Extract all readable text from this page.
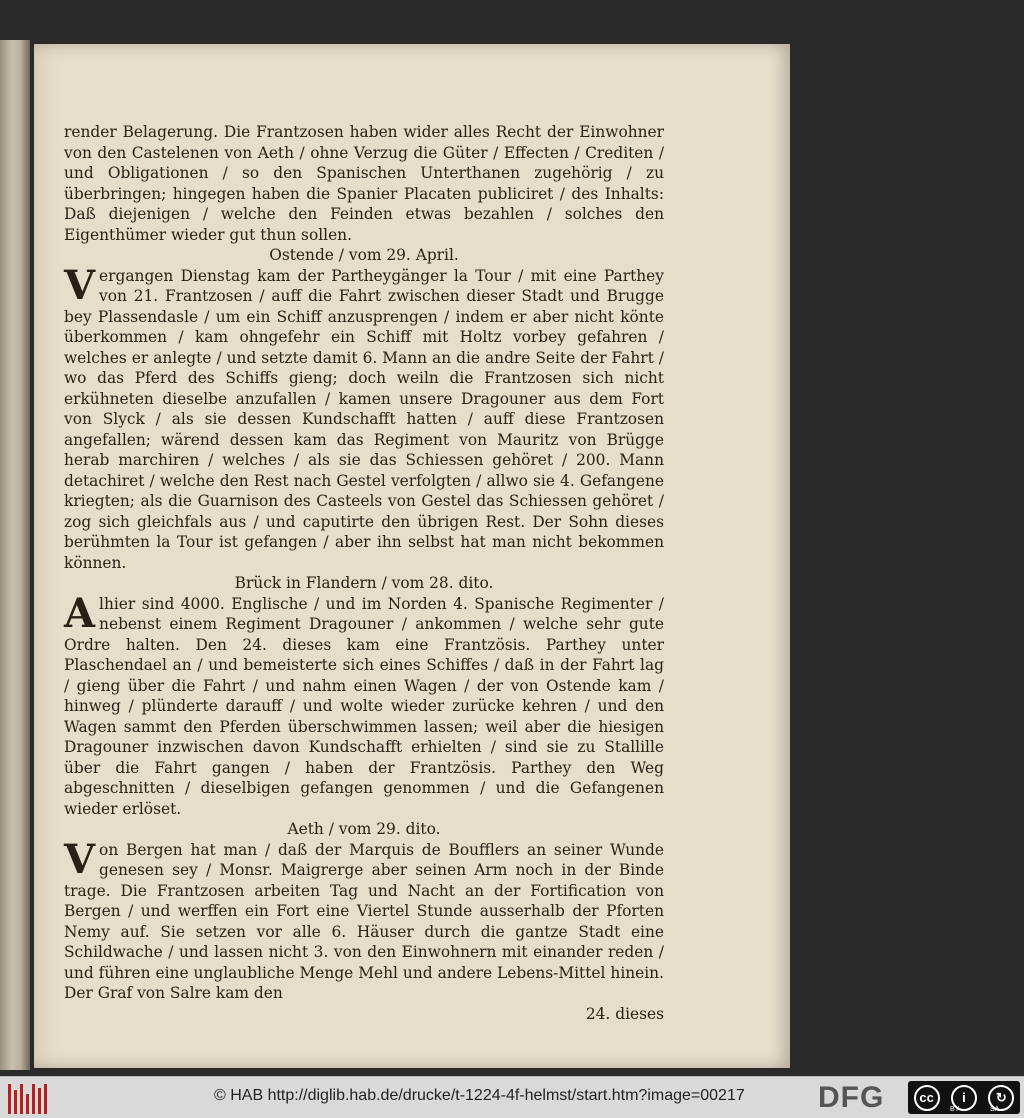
render Belagerung. Die Frantzosen haben wider alles Recht der Einwohner von den Castelenen von Aeth / ohne Verzug die Güter / Effecten / Crediten / und Obligationen / so den Spanischen Unterthanen zugehörig / zu überbringen; hingegen haben die Spanier Placaten publiciret / des Inhalts: Daß diejenigen / welche den Feinden etwas bezahlen / solches den Eigenthümer wieder gut thun sollen.

Ostende / vom 29. April.

Vergangen Dienstag kam der Partheygänger la Tour / mit eine Parthey von 21. Frantzosen / auff die Fahrt zwischen dieser Stadt und Brugge bey Plassendasle / um ein Schiff anzusprengen / indem er aber nicht könte überkommen / kam ohngefehr ein Schiff mit Holtz vorbey gefahren / welches er anlegte / und setzte damit 6. Mann an die andre Seite der Fahrt / wo das Pferd des Schiffs gieng; doch weiln die Frantzosen sich nicht erkühneten dieselbe anzufallen / kamen unsere Dragouner aus dem Fort von Slyck / als sie dessen Kundschafft hatten / auff diese Frantzosen angefallen; wärend dessen kam das Regiment von Mauritz von Brügge herab marchiren / welches / als sie das Schiessen gehöret / 200. Mann detachiret / welche den Rest nach Gestel verfolgten / allwo sie 4. Gefangene kriegten; als die Guarnison des Casteels von Gestel das Schiessen gehöret / zog sich gleichfals aus / und caputirte den übrigen Rest. Der Sohn dieses berühmten la Tour ist gefangen / aber ihn selbst hat man nicht bekommen können.

Brück in Flandern / vom 28. dito.

Alhier sind 4000. Englische / und im Norden 4. Spanische Regimenter / nebenst einem Regiment Dragouner / ankommen / welche sehr gute Ordre halten. Den 24. dieses kam eine Frantzösis. Parthey unter Plaschendael an / und bemeisterte sich eines Schiffes / daß in der Fahrt lag / gieng über die Fahrt / und nahm einen Wagen / der von Ostende kam / hinweg / plünderte darauff / und wolte wieder zurücke kehren / und den Wagen sammt den Pferden überschwimmen lassen; weil aber die hiesigen Dragouner inzwischen davon Kundschafft erhielten / sind sie zu Stallille über die Fahrt gangen / haben der Frantzösis. Parthey den Weg abgeschnitten / dieselbigen gefangen genommen / und die Gefangenen wieder erlöset.

Aeth / vom 29. dito.

Von Bergen hat man / daß der Marquis de Boufflers an seiner Wunde genesen sey / Monsr. Maigrerge aber seinen Arm noch in der Binde trage. Die Frantzosen arbeiten Tag und Nacht an der Fortification von Bergen / und werffen ein Fort eine Viertel Stunde ausserhalb der Pforten Nemy auf. Sie setzen vor alle 6. Häuser durch die gantze Stadt eine Schildwache / und lassen nicht 3. von den Einwohnern mit einander reden / und führen eine unglaubliche Menge Mehl und andere Lebens-Mittel hinein. Der Graf von Salre kam den

24. dieses

© HAB http://diglib.hab.de/drucke/t-1224-4f-helmst/start.htm?image=00217 DFG	cc	i	↻
BY	SA
